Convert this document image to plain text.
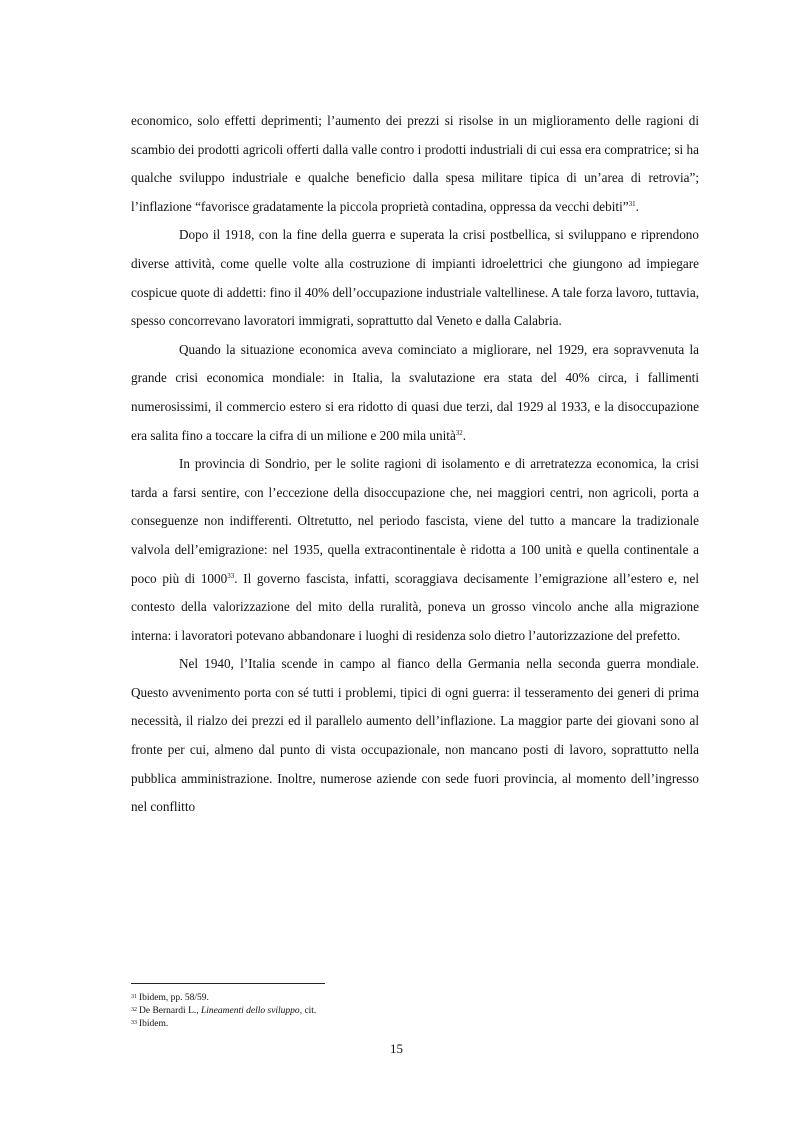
economico, solo effetti deprimenti; l’aumento dei prezzi si risolse in un miglioramento delle ragioni di scambio dei prodotti agricoli offerti dalla valle contro i prodotti industriali di cui essa era compratrice; si ha qualche sviluppo industriale e qualche beneficio dalla spesa militare tipica di un’area di retrovia”; l’inflazione “favorisce gradatamente la piccola proprietà contadina, oppressa da vecchi debiti”$^{31}$.

Dopo il 1918, con la fine della guerra e superata la crisi postbellica, si sviluppano e riprendono diverse attività, come quelle volte alla costruzione di impianti idroelettrici che giungono ad impiegare cospicue quote di addetti: fino il 40% dell’occupazione industriale valtellinese. A tale forza lavoro, tuttavia, spesso concorrevano lavoratori immigrati, soprattutto dal Veneto e dalla Calabria.

Quando la situazione economica aveva cominciato a migliorare, nel 1929, era sopravvenuta la grande crisi economica mondiale: in Italia, la svalutazione era stata del 40% circa, i fallimenti numerosissimi, il commercio estero si era ridotto di quasi due terzi, dal 1929 al 1933, e la disoccupazione era salita fino a toccare la cifra di un milione e 200 mila unità$^{32}$.

In provincia di Sondrio, per le solite ragioni di isolamento e di arretratezza economica, la crisi tarda a farsi sentire, con l’eccezione della disoccupazione che, nei maggiori centri, non agricoli, porta a conseguenze non indifferenti. Oltretutto, nel periodo fascista, viene del tutto a mancare la tradizionale valvola dell’emigrazione: nel 1935, quella extracontinentale è ridotta a 100 unità e quella continentale a poco più di 1000$^{33}$. Il governo fascista, infatti, scoraggiava decisamente l’emigrazione all’estero e, nel contesto della valorizzazione del mito della ruralità, poneva un grosso vincolo anche alla migrazione interna: i lavoratori potevano abbandonare i luoghi di residenza solo dietro l’autorizzazione del prefetto.

Nel 1940, l’Italia scende in campo al fianco della Germania nella seconda guerra mondiale. Questo avvenimento porta con sé tutti i problemi, tipici di ogni guerra: il tesseramento dei generi di prima necessità, il rialzo dei prezzi ed il parallelo aumento dell’inflazione. La maggior parte dei giovani sono al fronte per cui, almeno dal punto di vista occupazionale, non mancano posti di lavoro, soprattutto nella pubblica amministrazione. Inoltre, numerose aziende con sede fuori provincia, al momento dell’ingresso nel conflitto

$^{31}$ Ibidem, pp. 58/59.

$^{32}$ De Bernardi L., Lineamenti dello sviluppo, cit.

$^{33}$ Ibidem.

15
